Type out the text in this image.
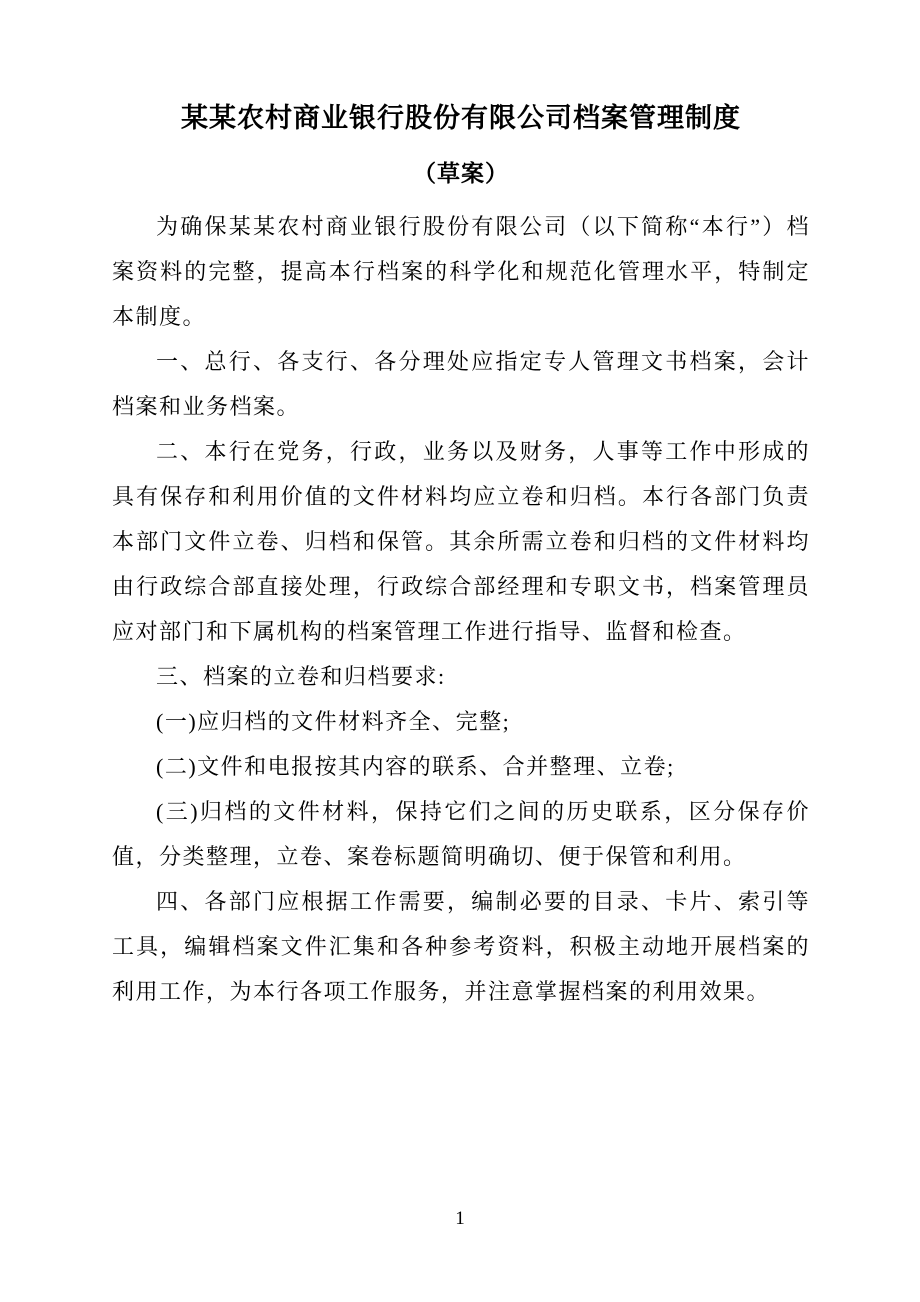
某某农村商业银行股份有限公司档案管理制度
（草案）

为确保某某农村商业银行股份有限公司（以下简称“本行”）档案资料的完整，提高本行档案的科学化和规范化管理水平，特制定本制度。

一、总行、各支行、各分理处应指定专人管理文书档案，会计档案和业务档案。

二、本行在党务，行政，业务以及财务，人事等工作中形成的具有保存和利用价值的文件材料均应立卷和归档。本行各部门负责本部门文件立卷、归档和保管。其余所需立卷和归档的文件材料均由行政综合部直接处理，行政综合部经理和专职文书，档案管理员应对部门和下属机构的档案管理工作进行指导、监督和检查。

三、档案的立卷和归档要求:

(一)应归档的文件材料齐全、完整;

(二)文件和电报按其内容的联系、合并整理、立卷;

(三)归档的文件材料，保持它们之间的历史联系，区分保存价值，分类整理，立卷、案卷标题简明确切、便于保管和利用。

四、各部门应根据工作需要，编制必要的目录、卡片、索引等工具，编辑档案文件汇集和各种参考资料，积极主动地开展档案的利用工作，为本行各项工作服务，并注意掌握档案的利用效果。

1
